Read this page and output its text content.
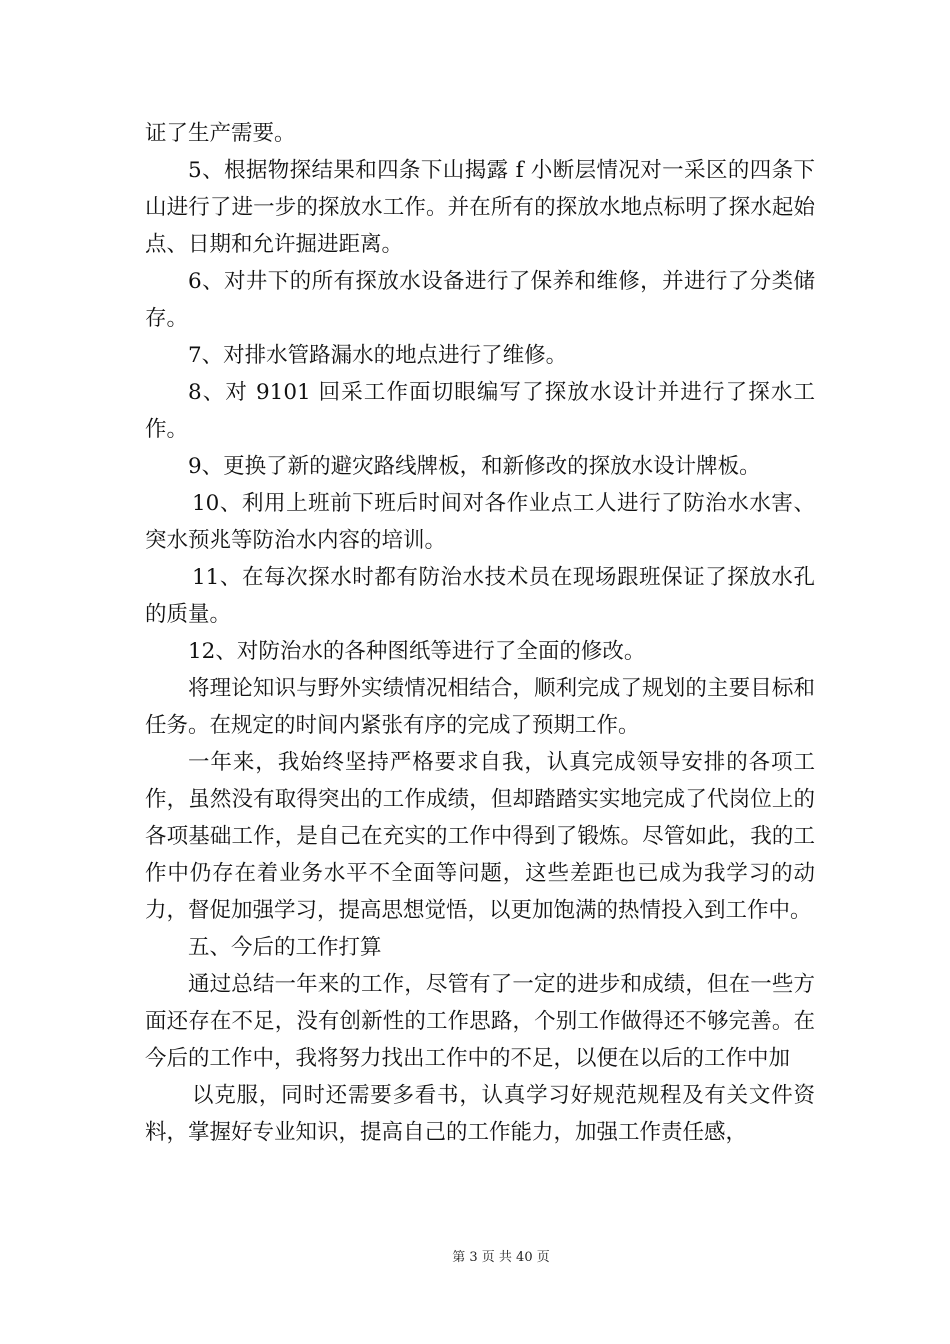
证了生产需要。

5、根据物探结果和四条下山揭露 f 小断层情况对一采区的四条下山进行了进一步的探放水工作。并在所有的探放水地点标明了探水起始点、日期和允许掘进距离。

6、对井下的所有探放水设备进行了保养和维修，并进行了分类储存。

7、对排水管路漏水的地点进行了维修。

8、对 9101 回采工作面切眼编写了探放水设计并进行了探水工作。

9、更换了新的避灾路线牌板，和新修改的探放水设计牌板。

10、利用上班前下班后时间对各作业点工人进行了防治水水害、突水预兆等防治水内容的培训。

11、在每次探水时都有防治水技术员在现场跟班保证了探放水孔的质量。

12、对防治水的各种图纸等进行了全面的修改。

将理论知识与野外实绩情况相结合，顺利完成了规划的主要目标和任务。在规定的时间内紧张有序的完成了预期工作。

一年来，我始终坚持严格要求自我，认真完成领导安排的各项工作，虽然没有取得突出的工作成绩，但却踏踏实实地完成了代岗位上的各项基础工作，是自己在充实的工作中得到了锻炼。尽管如此，我的工作中仍存在着业务水平不全面等问题，这些差距也已成为我学习的动力，督促加强学习，提高思想觉悟，以更加饱满的热情投入到工作中。

五、今后的工作打算

通过总结一年来的工作，尽管有了一定的进步和成绩，但在一些方面还存在不足，没有创新性的工作思路，个别工作做得还不够完善。在今后的工作中，我将努力找出工作中的不足，以便在以后的工作中加

以克服，同时还需要多看书，认真学习好规范规程及有关文件资料，掌握好专业知识，提高自己的工作能力，加强工作责任感，

第 3 页 共 40 页
